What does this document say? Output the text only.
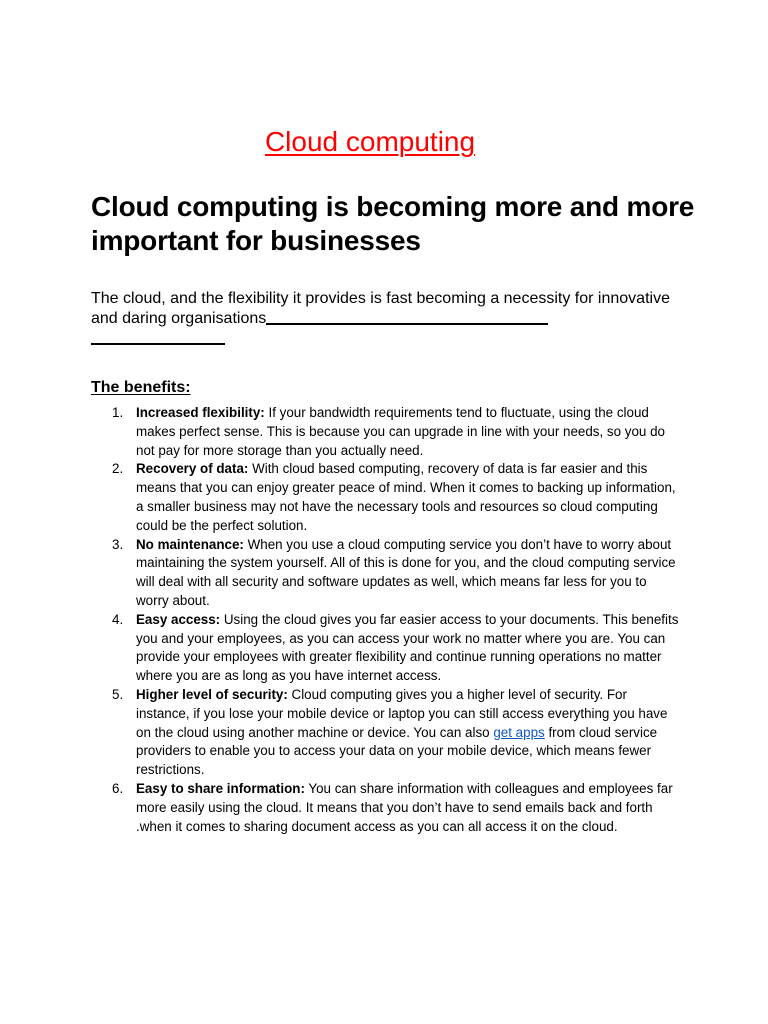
Cloud computing
Cloud computing is becoming more and more important for businesses
The cloud, and the flexibility it provides is fast becoming a necessity for innovative and daring organisations
The benefits:
1. Increased flexibility: If your bandwidth requirements tend to fluctuate, using the cloud makes perfect sense. This is because you can upgrade in line with your needs, so you do not pay for more storage than you actually need.
2. Recovery of data: With cloud based computing, recovery of data is far easier and this means that you can enjoy greater peace of mind. When it comes to backing up information, a smaller business may not have the necessary tools and resources so cloud computing could be the perfect solution.
3. No maintenance: When you use a cloud computing service you don’t have to worry about maintaining the system yourself. All of this is done for you, and the cloud computing service will deal with all security and software updates as well, which means far less for you to worry about.
4. Easy access: Using the cloud gives you far easier access to your documents. This benefits you and your employees, as you can access your work no matter where you are. You can provide your employees with greater flexibility and continue running operations no matter where you are as long as you have internet access.
5. Higher level of security: Cloud computing gives you a higher level of security. For instance, if you lose your mobile device or laptop you can still access everything you have on the cloud using another machine or device. You can also get apps from cloud service providers to enable you to access your data on your mobile device, which means fewer restrictions.
6. Easy to share information: You can share information with colleagues and employees far more easily using the cloud. It means that you don’t have to send emails back and forth .when it comes to sharing document access as you can all access it on the cloud.
